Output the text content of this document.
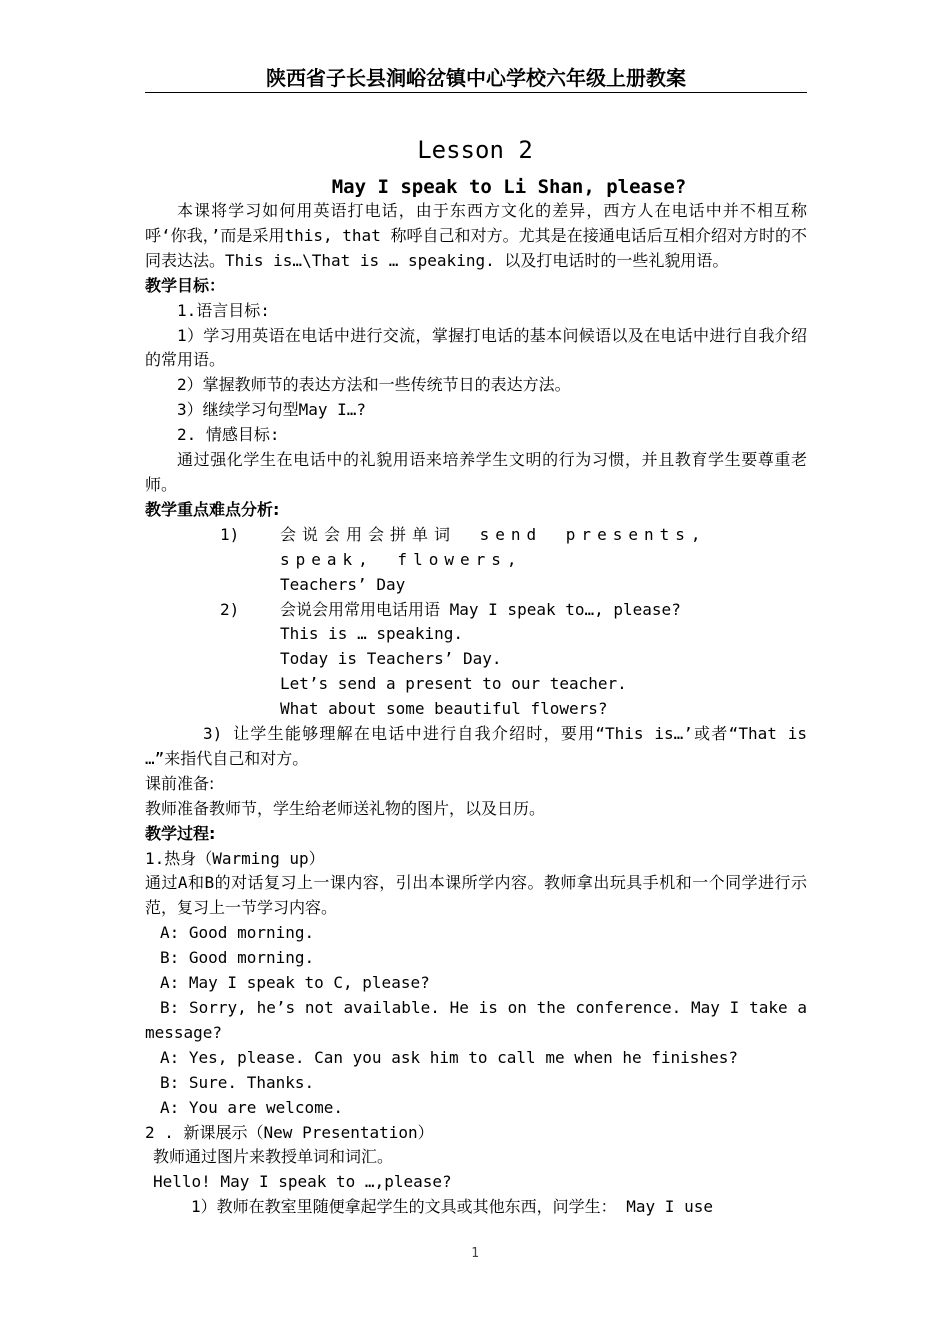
陕西省子长县涧峪岔镇中心学校六年级上册教案
Lesson 2
May I speak to Li Shan, please?

本课将学习如何用英语打电话，由于东西方文化的差异，西方人在电话中并不相互称呼‘你我，’而是采用this, that 称呼自己和对方。尤其是在接通电话后互相介绍对方时的不同表达法。This is…\That is … speaking. 以及打电话时的一些礼貌用语。

教学目标：

1.语言目标:

1）学习用英语在电话中进行交流，掌握打电话的基本问候语以及在电话中进行自我介绍的常用语。

2）掌握教师节的表达方法和一些传统节日的表达方法。

3）继续学习句型May I…?

2. 情感目标:

通过强化学生在电话中的礼貌用语来培养学生文明的行为习惯，并且教育学生要尊重老师。

教学重点难点分析:

1)	会说会用会拼单词 send presents, speak, flowers,

Teachers’ Day

2)	会说会用常用电话用语 May I speak to…, please?

This is … speaking.

Today is Teachers’ Day.

Let’s send a present to our teacher.

What about some beautiful flowers?

3) 让学生能够理解在电话中进行自我介绍时，要用“This is…’或者“That is …”来指代自己和对方。

课前准备:

教师准备教师节，学生给老师送礼物的图片，以及日历。

教学过程:

1.热身（Warming up）

通过A和B的对话复习上一课内容，引出本课所学内容。教师拿出玩具手机和一个同学进行示范，复习上一节学习内容。

A: Good morning.

B: Good morning.

A: May I speak to C, please?

B: Sorry, he’s not available. He is on the conference. May I take a message?

A: Yes, please. Can you ask him to call me when he finishes?

B: Sure. Thanks.

A: You are welcome.

2 . 新课展示（New Presentation）

教师通过图片来教授单词和词汇。

Hello! May I speak to …,please?

1）教师在教室里随便拿起学生的文具或其他东西，问学生： May I use

1
